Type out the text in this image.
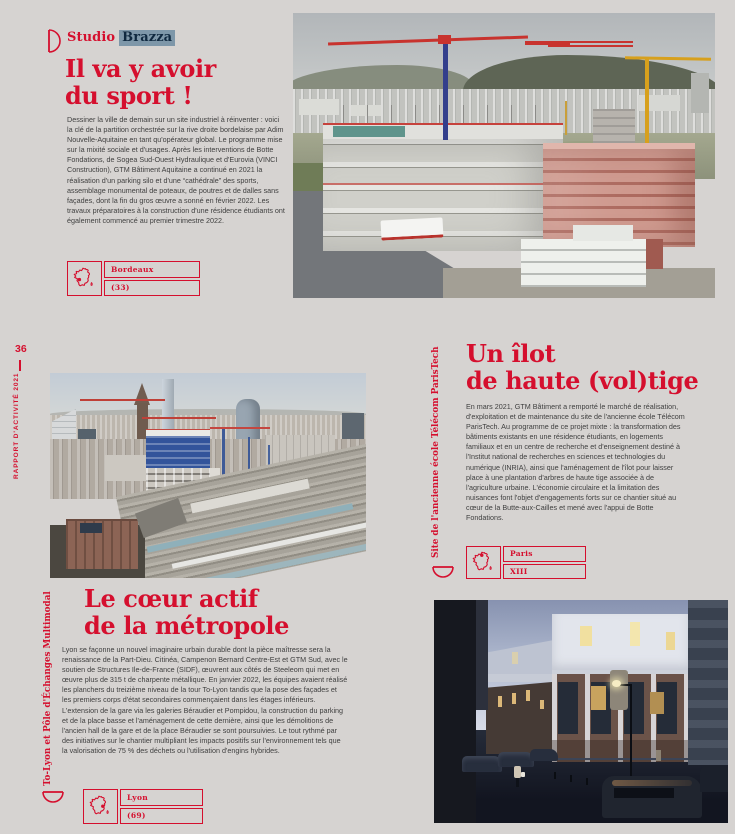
36
RAPPORT D'ACTIVITÉ 2021
Studio Brazza
Il va y avoir
du sport !
Dessiner la ville de demain sur un site industriel à réinventer : voici la clé de la partition orchestrée sur la rive droite bordelaise par Adim Nouvelle-Aquitaine en tant qu'opérateur global. Le programme mise sur la mixité sociale et d'usages. Après les interventions de Botte Fondations, de Sogea Sud-Ouest Hydraulique et d'Eurovia (VINCI Construction), GTM Bâtiment Aquitaine a continué en 2021 la réalisation d'un parking silo et d'une “cathédrale” des sports, assemblage monumental de poteaux, de poutres et de dalles sans façades, dont la fin du gros œuvre a sonné en février 2022. Les travaux préparatoires à la construction d'une résidence étudiants ont également commencé au premier trimestre 2022.
Bordeaux
(33)
Site de l'ancienne école Télécom ParisTech Un îlot
de haute (vol)tige
En mars 2021, GTM Bâtiment a remporté le marché de réalisation, d'exploitation et de maintenance du site de l'ancienne école Télécom ParisTech. Au programme de ce projet mixte : la transformation des bâtiments existants en une résidence étudiants, en logements familiaux et en un centre de recherche et d'enseignement destiné à l'Institut national de recherches en sciences et technologies du numérique (INRIA), ainsi que l'aménagement de l'îlot pour laisser place à une plantation d'arbres de haute tige associée à de l'agriculture urbaine. L'économie circulaire et la limitation des nuisances font l'objet d'engagements forts sur ce chantier situé au cœur de la Butte-aux-Cailles et mené avec l'appui de Botte Fondations.
Paris
XIII
To-Lyon et Pôle d'Échanges Multimodal Le cœur actif
de la métropole
Lyon se façonne un nouvel imaginaire urbain durable dont la pièce maîtresse sera la renaissance de la Part-Dieu. Citinéa, Campenon Bernard Centre-Est et GTM Sud, avec le soutien de Structures Ile-de-France (SIDF), œuvrent aux côtés de Steeleom qui met en œuvre plus de 315 t de charpente métallique. En janvier 2022, les équipes avaient réalisé les planchers du treizième niveau de la tour To-Lyon tandis que la pose des façades et les premiers corps d'état secondaires commençaient dans les étages inférieurs. L'extension de la gare via les galeries Béraudier et Pompidou, la construction du parking et de la place basse et l'aménagement de cette dernière, ainsi que les démolitions de l'ancien hall de la gare et de la place Béraudier se sont poursuivies. Le tout rythmé par des initiatives sur le chantier multipliant les impacts positifs sur l'environnement tels que la valorisation de 75 % des déchets ou l'utilisation d'engins hybrides.
Lyon
(69)
